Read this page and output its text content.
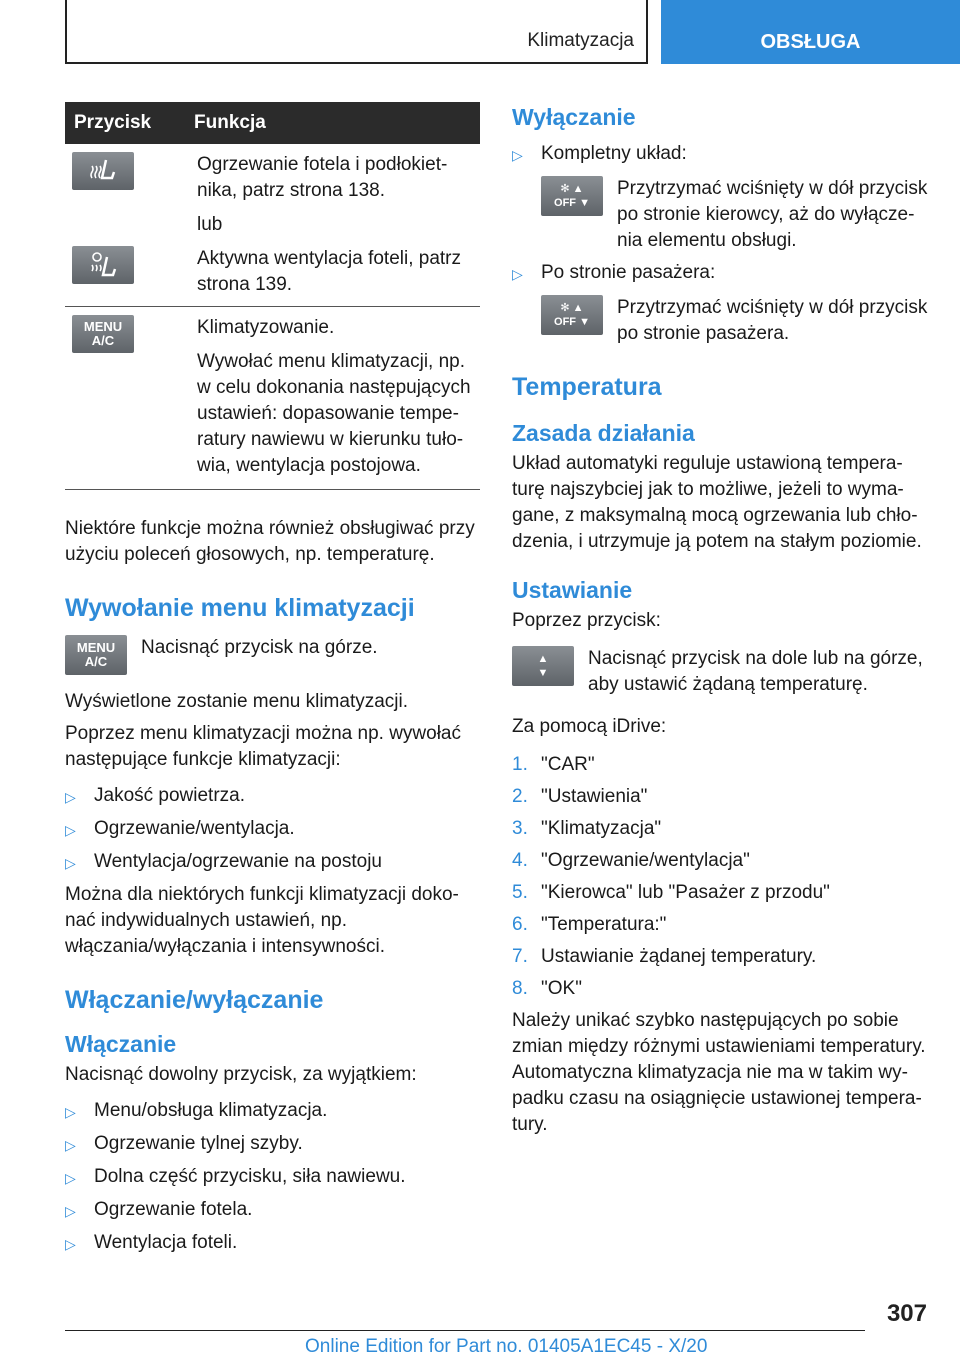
Klimatyzacja	OBSŁUGA
Przycisk	Funkcja

Ogrzewanie fotela i podłokiet-nika, patrz strona 138.

lub

Aktywna wentylacja foteli, patrz strona 139.

MENU
A/C

Klimatyzowanie.

Wywołać menu klimatyzacji, np. w celu dokonania następujących ustawień: dopasowanie tempe-ratury nawiewu w kierunku tuło-wia, wentylacja postojowa.

Niektóre funkcje można również obsługiwać przy użyciu poleceń głosowych, np. temperaturę.

Wywołanie menu klimatyzacji
MENU
A/C

Nacisnąć przycisk na górze.

Wyświetlone zostanie menu klimatyzacji.

Poprzez menu klimatyzacji można np. wywołać następujące funkcje klimatyzacji:

▷ Jakość powietrza.
▷ Ogrzewanie/wentylacja.
▷ Wentylacja/ogrzewanie na postoju

Można dla niektórych funkcji klimatyzacji doko-nać indywidualnych ustawień, np. włączania/wyłączania i intensywności.

Włączanie/wyłączanie
Włączanie

Nacisnąć dowolny przycisk, za wyjątkiem:

▷ Menu/obsługa klimatyzacja.
▷ Ogrzewanie tylnej szyby.
▷ Dolna część przycisku, siła nawiewu.
▷ Ogrzewanie fotela.
▷ Wentylacja foteli.
Wyłączanie
▷ Kompletny układ:
✻ ▲
OFF ▼

Przytrzymać wciśnięty w dół przycisk po stronie kierowcy, aż do wyłącze-nia elementu obsługi.

▷ Po stronie pasażera:
✻ ▲
OFF ▼

Przytrzymać wciśnięty w dół przycisk po stronie pasażera.

Temperatura
Zasada działania

Układ automatyki reguluje ustawioną tempera-turę najszybciej jak to możliwe, jeżeli to wyma-gane, z maksymalną mocą ogrzewania lub chło-dzenia, i utrzymuje ją potem na stałym poziomie.

Ustawianie

Poprzez przycisk:

▲
▼

Nacisnąć przycisk na dole lub na górze, aby ustawić żądaną temperaturę.

Za pomocą iDrive:

1. "CAR"
2. "Ustawienia"
3. "Klimatyzacja"
4. "Ogrzewanie/wentylacja"
5. "Kierowca" lub "Pasażer z przodu"
6. "Temperatura:"
7. Ustawianie żądanej temperatury.
8. "OK"

Należy unikać szybko następujących po sobie zmian między różnymi ustawieniami temperatury. Automatyczna klimatyzacja nie ma w takim wy-padku czasu na osiągnięcie ustawionej tempera-tury.

307
Online Edition for Part no. 01405A1EC45 - X/20
